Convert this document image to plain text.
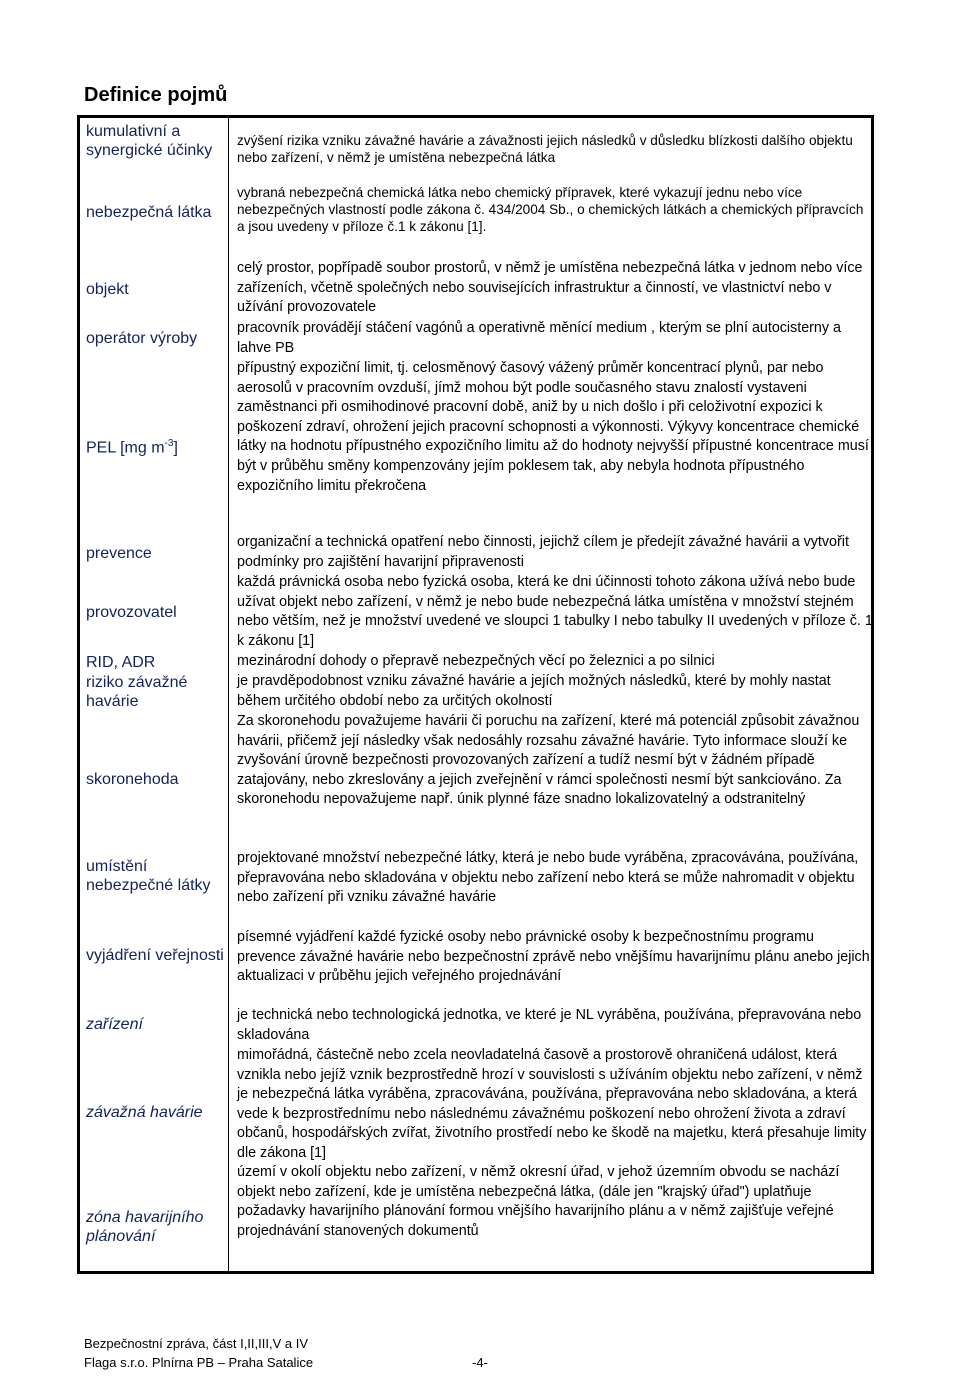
Definice pojmů
kumulativní a synergické účinky
zvýšení rizika vzniku závažné havárie a závažnosti jejich následků v důsledku blízkosti dalšího objektu nebo zařízení, v němž je umístěna nebezpečná látka
nebezpečná látka
vybraná nebezpečná chemická látka nebo chemický přípravek, které vykazují jednu nebo více nebezpečných vlastností podle zákona č. 434/2004 Sb., o chemických látkách a chemických přípravcích a jsou uvedeny v příloze č.1 k zákonu [1].
objekt
celý prostor, popřípadě soubor prostorů, v němž je umístěna nebezpečná látka v jednom nebo více zařízeních, včetně společných nebo souvisejících infrastruktur a činností, ve vlastnictví nebo v užívání provozovatele
operátor výroby
pracovník provádějí stáčení vagónů a operativně měnící medium , kterým se plní autocisterny a lahve PB
PEL [mg $m^{-3}$]
přípustný expoziční limit, tj. celosměnový časový vážený průměr koncentrací plynů, par nebo aerosolů v pracovním ovzduší, jímž mohou být podle současného stavu znalostí vystaveni zaměstnanci při osmihodinové pracovní době, aniž by u nich došlo i při celoživotní expozici k poškození zdraví, ohrožení jejich pracovní schopnosti a výkonnosti. Výkyvy koncentrace chemické látky na hodnotu přípustného expozičního limitu až do hodnoty nejvyšší přípustné koncentrace musí být v průběhu směny kompenzovány jejím poklesem tak, aby nebyla hodnota přípustného expozičního limitu překročena
prevence
organizační a technická opatření nebo činnosti, jejichž cílem je předejít závažné havárii a vytvořit podmínky pro zajištění havarijní připravenosti
provozovatel
každá právnická osoba nebo fyzická osoba, která ke dni účinnosti tohoto zákona užívá nebo bude užívat objekt nebo zařízení, v němž je nebo bude nebezpečná látka umístěna v množství stejném nebo větším, než je množství uvedené ve sloupci 1 tabulky I nebo tabulky II uvedených v příloze č. 1 k zákonu [1]
RID, ADR	mezinárodní dohody o přepravě nebezpečných věcí po železnici a po silnici
riziko závažné havárie
je pravděpodobnost vzniku závažné havárie a jejích možných následků, které by mohly nastat během určitého období nebo za určitých okolností
skoronehoda
Za skoronehodu považujeme havárii či poruchu na zařízení, které má potenciál způsobit závažnou havárii, přičemž její následky však nedosáhly rozsahu závažné havárie. Tyto informace slouží ke zvyšování úrovně bezpečnosti provozovaných zařízení a tudíž nesmí být v žádném případě zatajovány, nebo zkreslovány a jejich zveřejnění v rámci společnosti nesmí být sankciováno. Za skoronehodu nepovažujeme např. únik plynné fáze snadno lokalizovatelný a odstranitelný
umístění nebezpečné látky
projektované množství nebezpečné látky, která je nebo bude vyráběna, zpracovávána, používána, přepravována nebo skladována v objektu nebo zařízení nebo která se může nahromadit v objektu nebo zařízení při vzniku závažné havárie
vyjádření veřejnosti
písemné vyjádření každé fyzické osoby nebo právnické osoby k bezpečnostnímu programu prevence závažné havárie nebo bezpečnostní zprávě nebo vnějšímu havarijnímu plánu anebo jejich aktualizaci v průběhu jejich veřejného projednávání
zařízení
je technická nebo technologická jednotka, ve které je NL vyráběna, používána, přepravována nebo skladována
závažná havárie
mimořádná, částečně nebo zcela neovladatelná časově a prostorově ohraničená událost, která vznikla nebo jejíž vznik bezprostředně hrozí v souvislosti s užíváním objektu nebo zařízení, v němž je nebezpečná látka vyráběna, zpracovávána, používána, přepravována nebo skladována, a která vede k bezprostřednímu nebo následnému závažnému poškození nebo ohrožení života a zdraví občanů, hospodářských zvířat, životního prostředí nebo ke škodě na majetku, která přesahuje limity dle zákona [1]
zóna havarijního plánování
území v okolí objektu nebo zařízení, v němž okresní úřad, v jehož územním obvodu se nachází objekt nebo zařízení, kde je umístěna nebezpečná látka, (dále jen "krajský úřad") uplatňuje požadavky havarijního plánování formou vnějšího havarijního plánu a v němž zajišťuje veřejné projednávání stanovených dokumentů
Bezpečnostní zpráva, část I,II,III,V a IV
Flaga s.r.o. Plnírna PB – Praha Satalice	-4-
